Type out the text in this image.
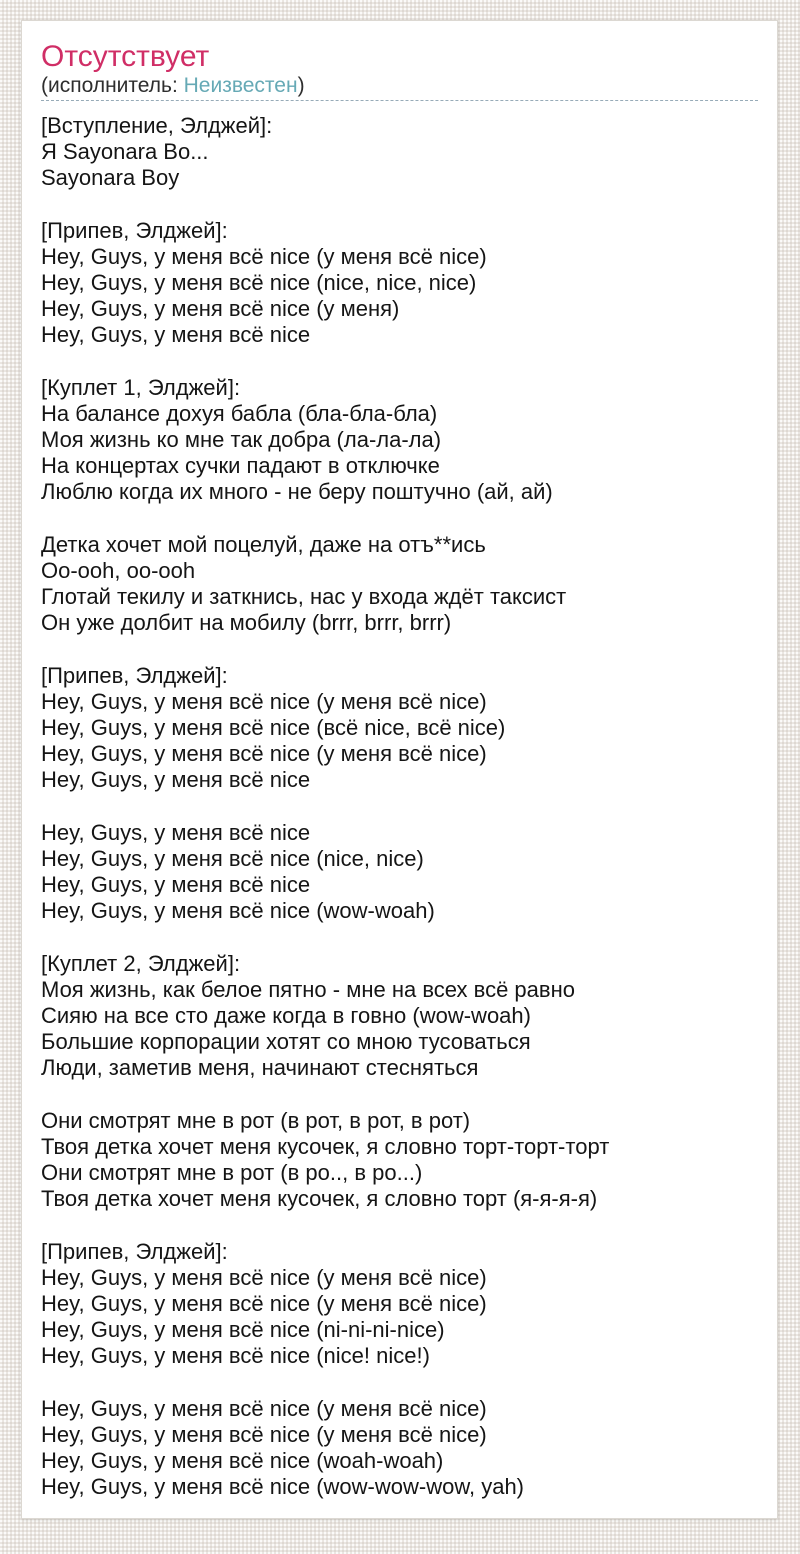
Отсутствует
(исполнитель: Неизвестен)

[Вступление, Элджей]:
Я Sayonara Bo...
Sayonara Boy

[Припев, Элджей]:
Hey, Guys, у меня всё nice (у меня всё nice)
Hey, Guys, у меня всё nice (nice, nice, nice)
Hey, Guys, у меня всё nice (у меня)
Hey, Guys, у меня всё nice

[Куплет 1, Элджей]:
На балансе дохуя бабла (бла-бла-бла)
Моя жизнь ко мне так добра (ла-ла-ла)
На концертах сучки падают в отключке
Люблю когда их много - не беру поштучно (ай, ай)

Детка хочет мой поцелуй, даже на отъ**ись
Oo-ooh, oo-ooh
Глотай текилу и заткнись, нас у входа ждёт таксист
Он уже долбит на мобилу (brrr, brrr, brrr)

[Припев, Элджей]:
Hey, Guys, у меня всё nice (у меня всё nice)
Hey, Guys, у меня всё nice (всё nice, всё nice)
Hey, Guys, у меня всё nice (у меня всё nice)
Hey, Guys, у меня всё nice

Hey, Guys, у меня всё nice
Hey, Guys, у меня всё nice (nice, nice)
Hey, Guys, у меня всё nice
Hey, Guys, у меня всё nice (wow-woah)

[Куплет 2, Элджей]:
Моя жизнь, как белое пятно - мне на всех всё равно
Сияю на все сто даже когда в говно (wow-woah)
Большие корпорации хотят со мною тусоваться
Люди, заметив меня, начинают стесняться

Они смотрят мне в рот (в рот, в рот, в рот)
Твоя детка хочет меня кусочек, я словно торт-торт-торт
Они смотрят мне в рот (в ро.., в ро...)
Твоя детка хочет меня кусочек, я словно торт (я-я-я-я)

[Припев, Элджей]:
Hey, Guys, у меня всё nice (у меня всё nice)
Hey, Guys, у меня всё nice (у меня всё nice)
Hey, Guys, у меня всё nice (ni-ni-ni-nice)
Hey, Guys, у меня всё nice (nice! nice!)

Hey, Guys, у меня всё nice (у меня всё nice)
Hey, Guys, у меня всё nice (у меня всё nice)
Hey, Guys, у меня всё nice (woah-woah)
Hey, Guys, у меня всё nice (wow-wow-wow, yah)
